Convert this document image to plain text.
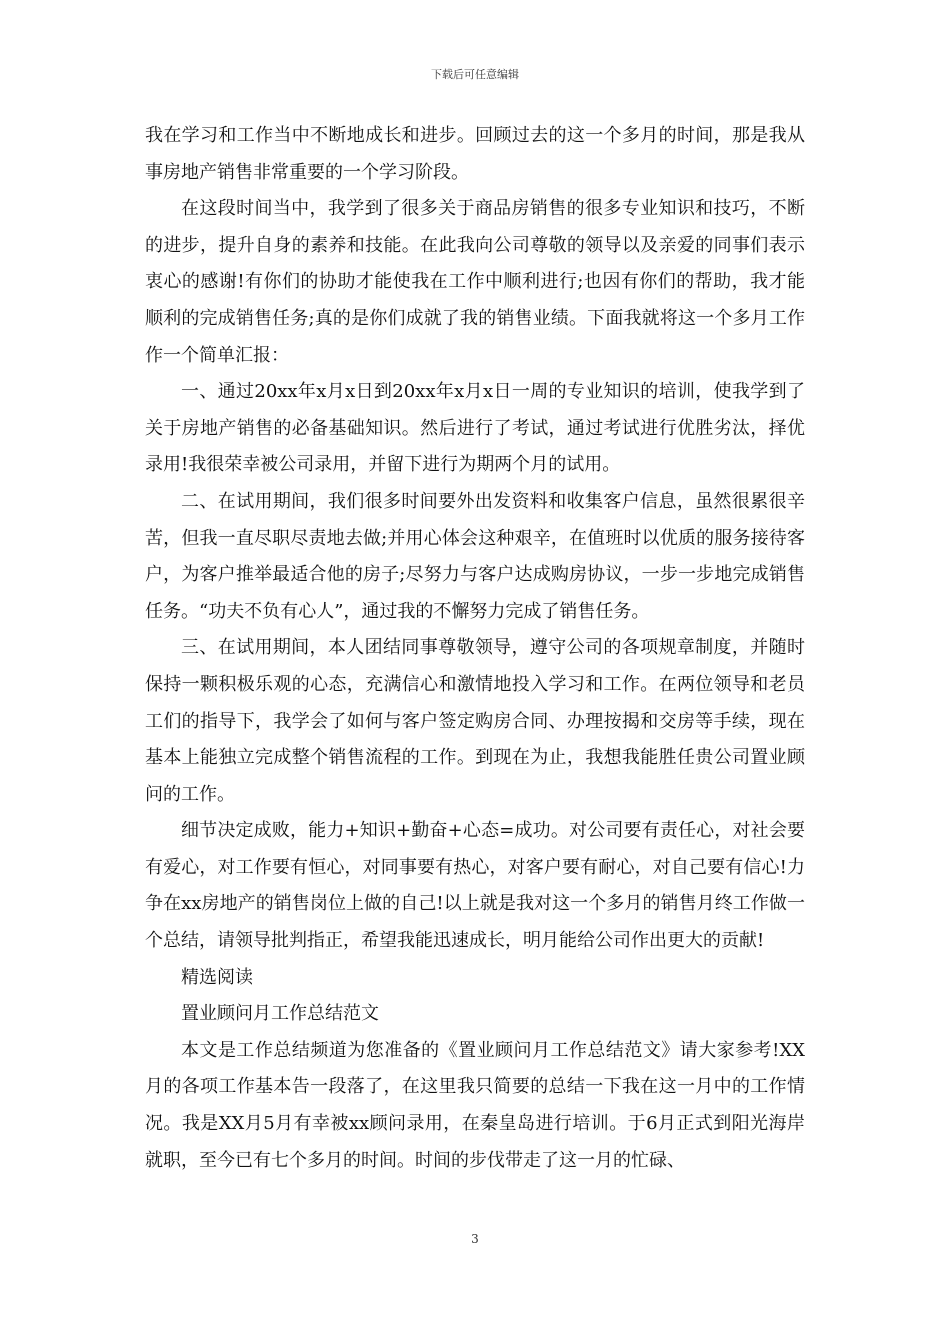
下载后可任意编辑

我在学习和工作当中不断地成长和进步。回顾过去的这一个多月的时间，那是我从事房地产销售非常重要的一个学习阶段。

在这段时间当中，我学到了很多关于商品房销售的很多专业知识和技巧，不断的进步，提升自身的素养和技能。在此我向公司尊敬的领导以及亲爱的同事们表示衷心的感谢!有你们的协助才能使我在工作中顺利进行;也因有你们的帮助，我才能顺利的完成销售任务;真的是你们成就了我的销售业绩。下面我就将这一个多月工作作一个简单汇报：

一、通过20xx年x月x日到20xx年x月x日一周的专业知识的培训，使我学到了关于房地产销售的必备基础知识。然后进行了考试，通过考试进行优胜劣汰，择优录用!我很荣幸被公司录用，并留下进行为期两个月的试用。

二、在试用期间，我们很多时间要外出发资料和收集客户信息，虽然很累很辛苦，但我一直尽职尽责地去做;并用心体会这种艰辛，在值班时以优质的服务接待客户，为客户推举最适合他的房子;尽努力与客户达成购房协议，一步一步地完成销售任务。“功夫不负有心人”，通过我的不懈努力完成了销售任务。

三、在试用期间，本人团结同事尊敬领导，遵守公司的各项规章制度，并随时保持一颗积极乐观的心态，充满信心和激情地投入学习和工作。在两位领导和老员工们的指导下，我学会了如何与客户签定购房合同、办理按揭和交房等手续，现在基本上能独立完成整个销售流程的工作。到现在为止，我想我能胜任贵公司置业顾问的工作。

细节决定成败，能力+知识+勤奋+心态=成功。对公司要有责任心，对社会要有爱心，对工作要有恒心，对同事要有热心，对客户要有耐心，对自己要有信心!力争在xx房地产的销售岗位上做的自己!以上就是我对这一个多月的销售月终工作做一个总结，请领导批判指正，希望我能迅速成长，明月能给公司作出更大的贡献!

精选阅读

置业顾问月工作总结范文

本文是工作总结频道为您准备的《置业顾问月工作总结范文》请大家参考!XX月的各项工作基本告一段落了，在这里我只简要的总结一下我在这一月中的工作情况。我是XX月5月有幸被xx顾问录用，在秦皇岛进行培训。于6月正式到阳光海岸就职，至今已有七个多月的时间。时间的步伐带走了这一月的忙碌、

3
